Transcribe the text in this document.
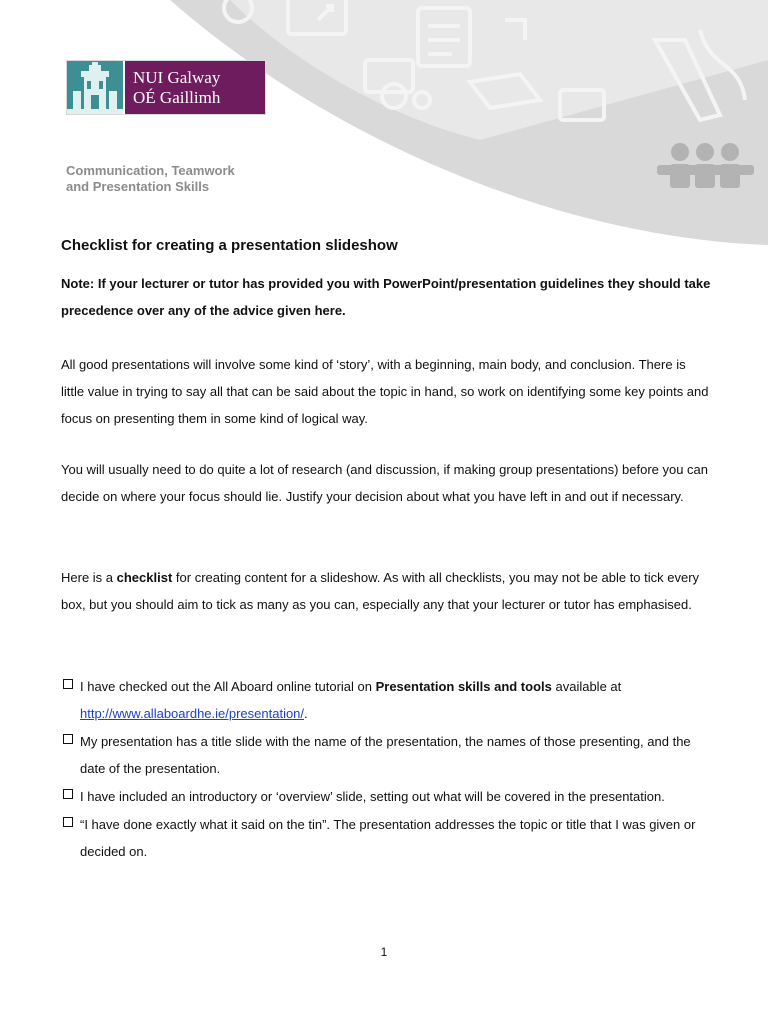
NUI Galway
OÉ Gaillimh
Communication, Teamwork
and Presentation Skills
Checklist for creating a presentation slideshow

Note: If your lecturer or tutor has provided you with PowerPoint/presentation guidelines they should take precedence over any of the advice given here.

All good presentations will involve some kind of ‘story’, with a beginning, main body, and conclusion. There is little value in trying to say all that can be said about the topic in hand, so work on identifying some key points and focus on presenting them in some kind of logical way.

You will usually need to do quite a lot of research (and discussion, if making group presentations) before you can decide on where your focus should lie. Justify your decision about what you have left in and out if necessary.

Here is a checklist for creating content for a slideshow. As with all checklists, you may not be able to tick every box, but you should aim to tick as many as you can, especially any that your lecturer or tutor has emphasised.

I have checked out the All Aboard online tutorial on Presentation skills and tools available at
http://www.allaboardhe.ie/presentation/.
My presentation has a title slide with the name of the presentation, the names of those presenting, and the date of the presentation.
I have included an introductory or ‘overview’ slide, setting out what will be covered in the presentation.
“I have done exactly what it said on the tin”. The presentation addresses the topic or title that I was given or decided on.
1
